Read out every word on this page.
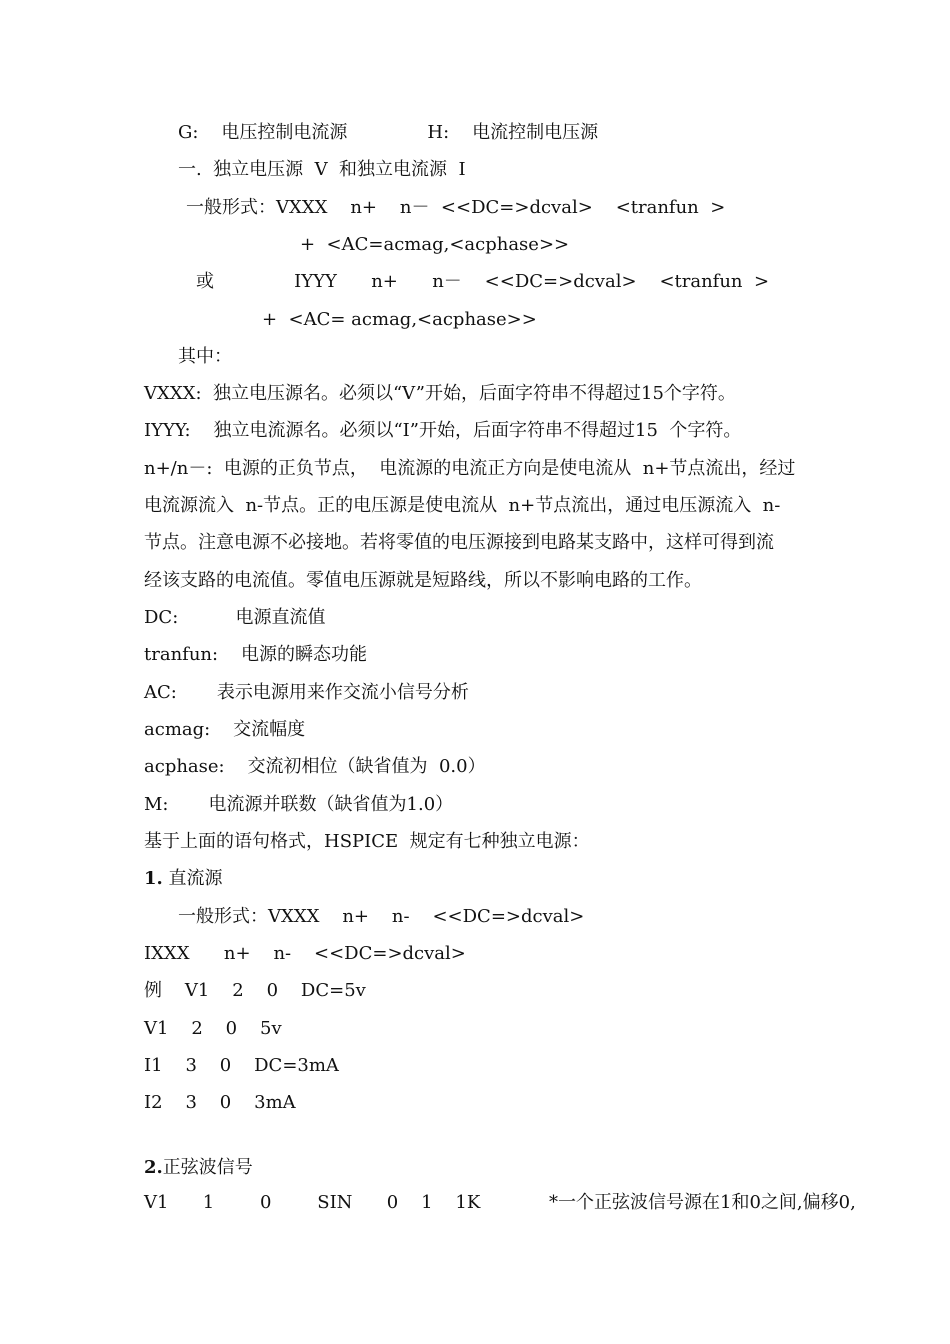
G:    电压控制电流源              H:    电流控制电压源
一.  独立电压源  V  和独立电流源  I
一般形式：VXXX    n+    n－  <<DC=>dcval>    <tranfun  >
+  <AC=acmag,<acphase>>
或              IYYY      n+      n－    <<DC=>dcval>    <tranfun  >
+  <AC= acmag,<acphase>>
其中：
VXXX:  独立电压源名。必须以“V”开始，后面字符串不得超过15个字符。
IYYY:    独立电流源名。必须以“I”开始，后面字符串不得超过15  个字符。
n+/n－:  电源的正负节点，  电流源的电流正方向是使电流从  n+节点流出，经过
电流源流入  n-节点。正的电压源是使电流从  n+节点流出，通过电压源流入  n-
节点。注意电源不必接地。若将零值的电压源接到电路某支路中，这样可得到流
经该支路的电流值。零值电压源就是短路线，所以不影响电路的工作。
DC:          电源直流值
tranfun:    电源的瞬态功能
AC:       表示电源用来作交流小信号分析
acmag:    交流幅度
acphase:    交流初相位（缺省值为  0.0）
M:       电流源并联数（缺省值为1.0）
基于上面的语句格式，HSPICE  规定有七种独立电源：
1. 直流源
一般形式：VXXX    n+    n-    <<DC=>dcval>
IXXX      n+    n-    <<DC=>dcval>
例    V1    2    0    DC=5v
V1    2    0    5v
I1    3    0    DC=3mA
I2    3    0    3mA
2.正弦波信号
V1      1        0        SIN      0    1    1K            *一个正弦波信号源在1和0之间,偏移0,
